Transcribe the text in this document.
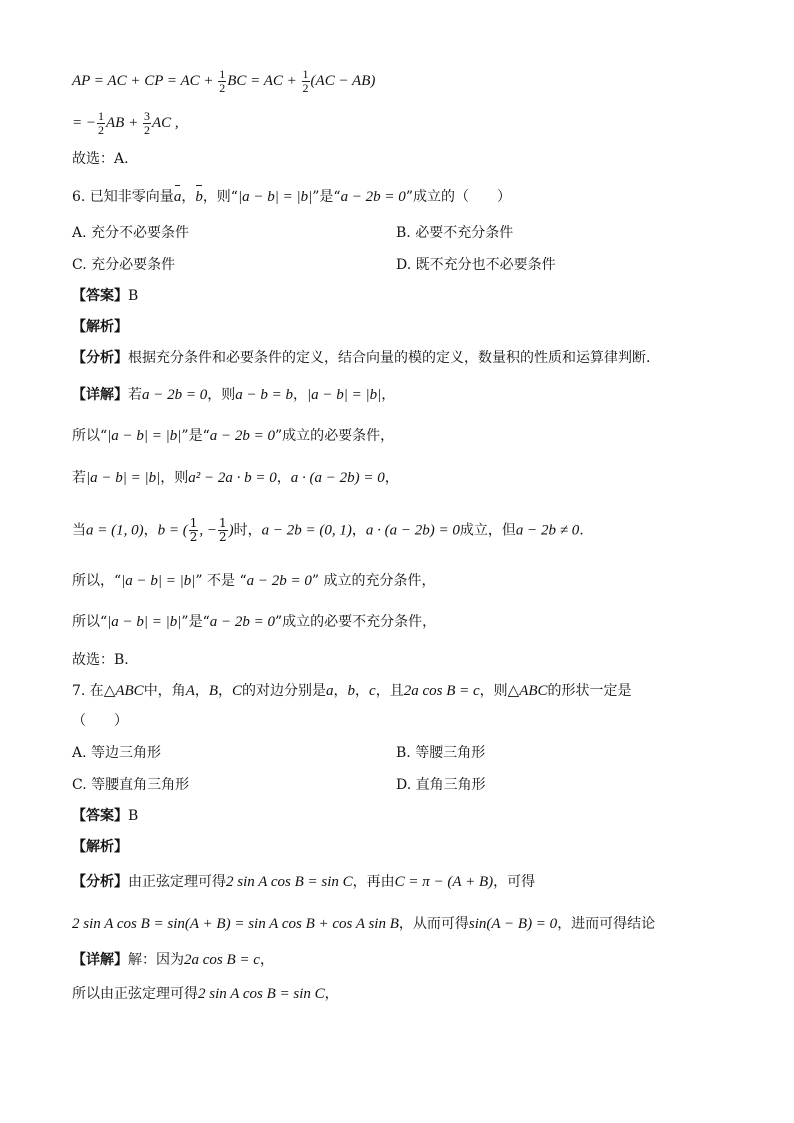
AP = AC + CP = AC + $\frac{1}{2}$ BC = AC + $\frac{1}{2} (AC - AB)$
= − $\frac{1}{2}$ AB + $\frac{3}{2}$ AC ,
故选：A.
6. 已知非零向量a，b，则“|a − b| = |b|”是“a − 2b = 0”成立的（　　）
A. 充分不必要条件	B. 必要不充分条件
C. 充分必要条件	D. 既不充分也不必要条件
【答案】B
【解析】
【分析】根据充分条件和必要条件的定义，结合向量的模的定义，数量积的性质和运算律判断.
【详解】若a − 2b = 0，则a − b = b，|a − b| = |b|，
所以“|a − b| = |b|”是“a − 2b = 0”成立的必要条件，
若|a − b| = |b|，则a² − 2a · b = 0，a · (a − 2b) = 0，
当a = (1, 0)，b = ( $\frac{1}{2}$ , − $\frac{1}{2}$ )时，a − 2b = (0, 1)，a · (a − 2b) = 0成立，但a − 2b ≠ 0.
所以，“|a − b| = |b|” 不是 “a − 2b = 0” 成立的充分条件，
所以“|a − b| = |b|”是“a − 2b = 0”成立的必要不充分条件，
故选：B.
7. 在△ABC中，角A，B，C的对边分别是a，b，c，且2a cos B = c，则△ABC的形状一定是
（　　）
A. 等边三角形	B. 等腰三角形
C. 等腰直角三角形	D. 直角三角形
【答案】B
【解析】
【分析】由正弦定理可得2 sin A cos B = sin C，再由C = π − (A + B)，可得
2 sin A cos B = sin(A + B) = sin A cos B + cos A sin B，从而可得sin(A − B) = 0，进而可得结论
【详解】解：因为2a cos B = c，
所以由正弦定理可得2 sin A cos B = sin C，
